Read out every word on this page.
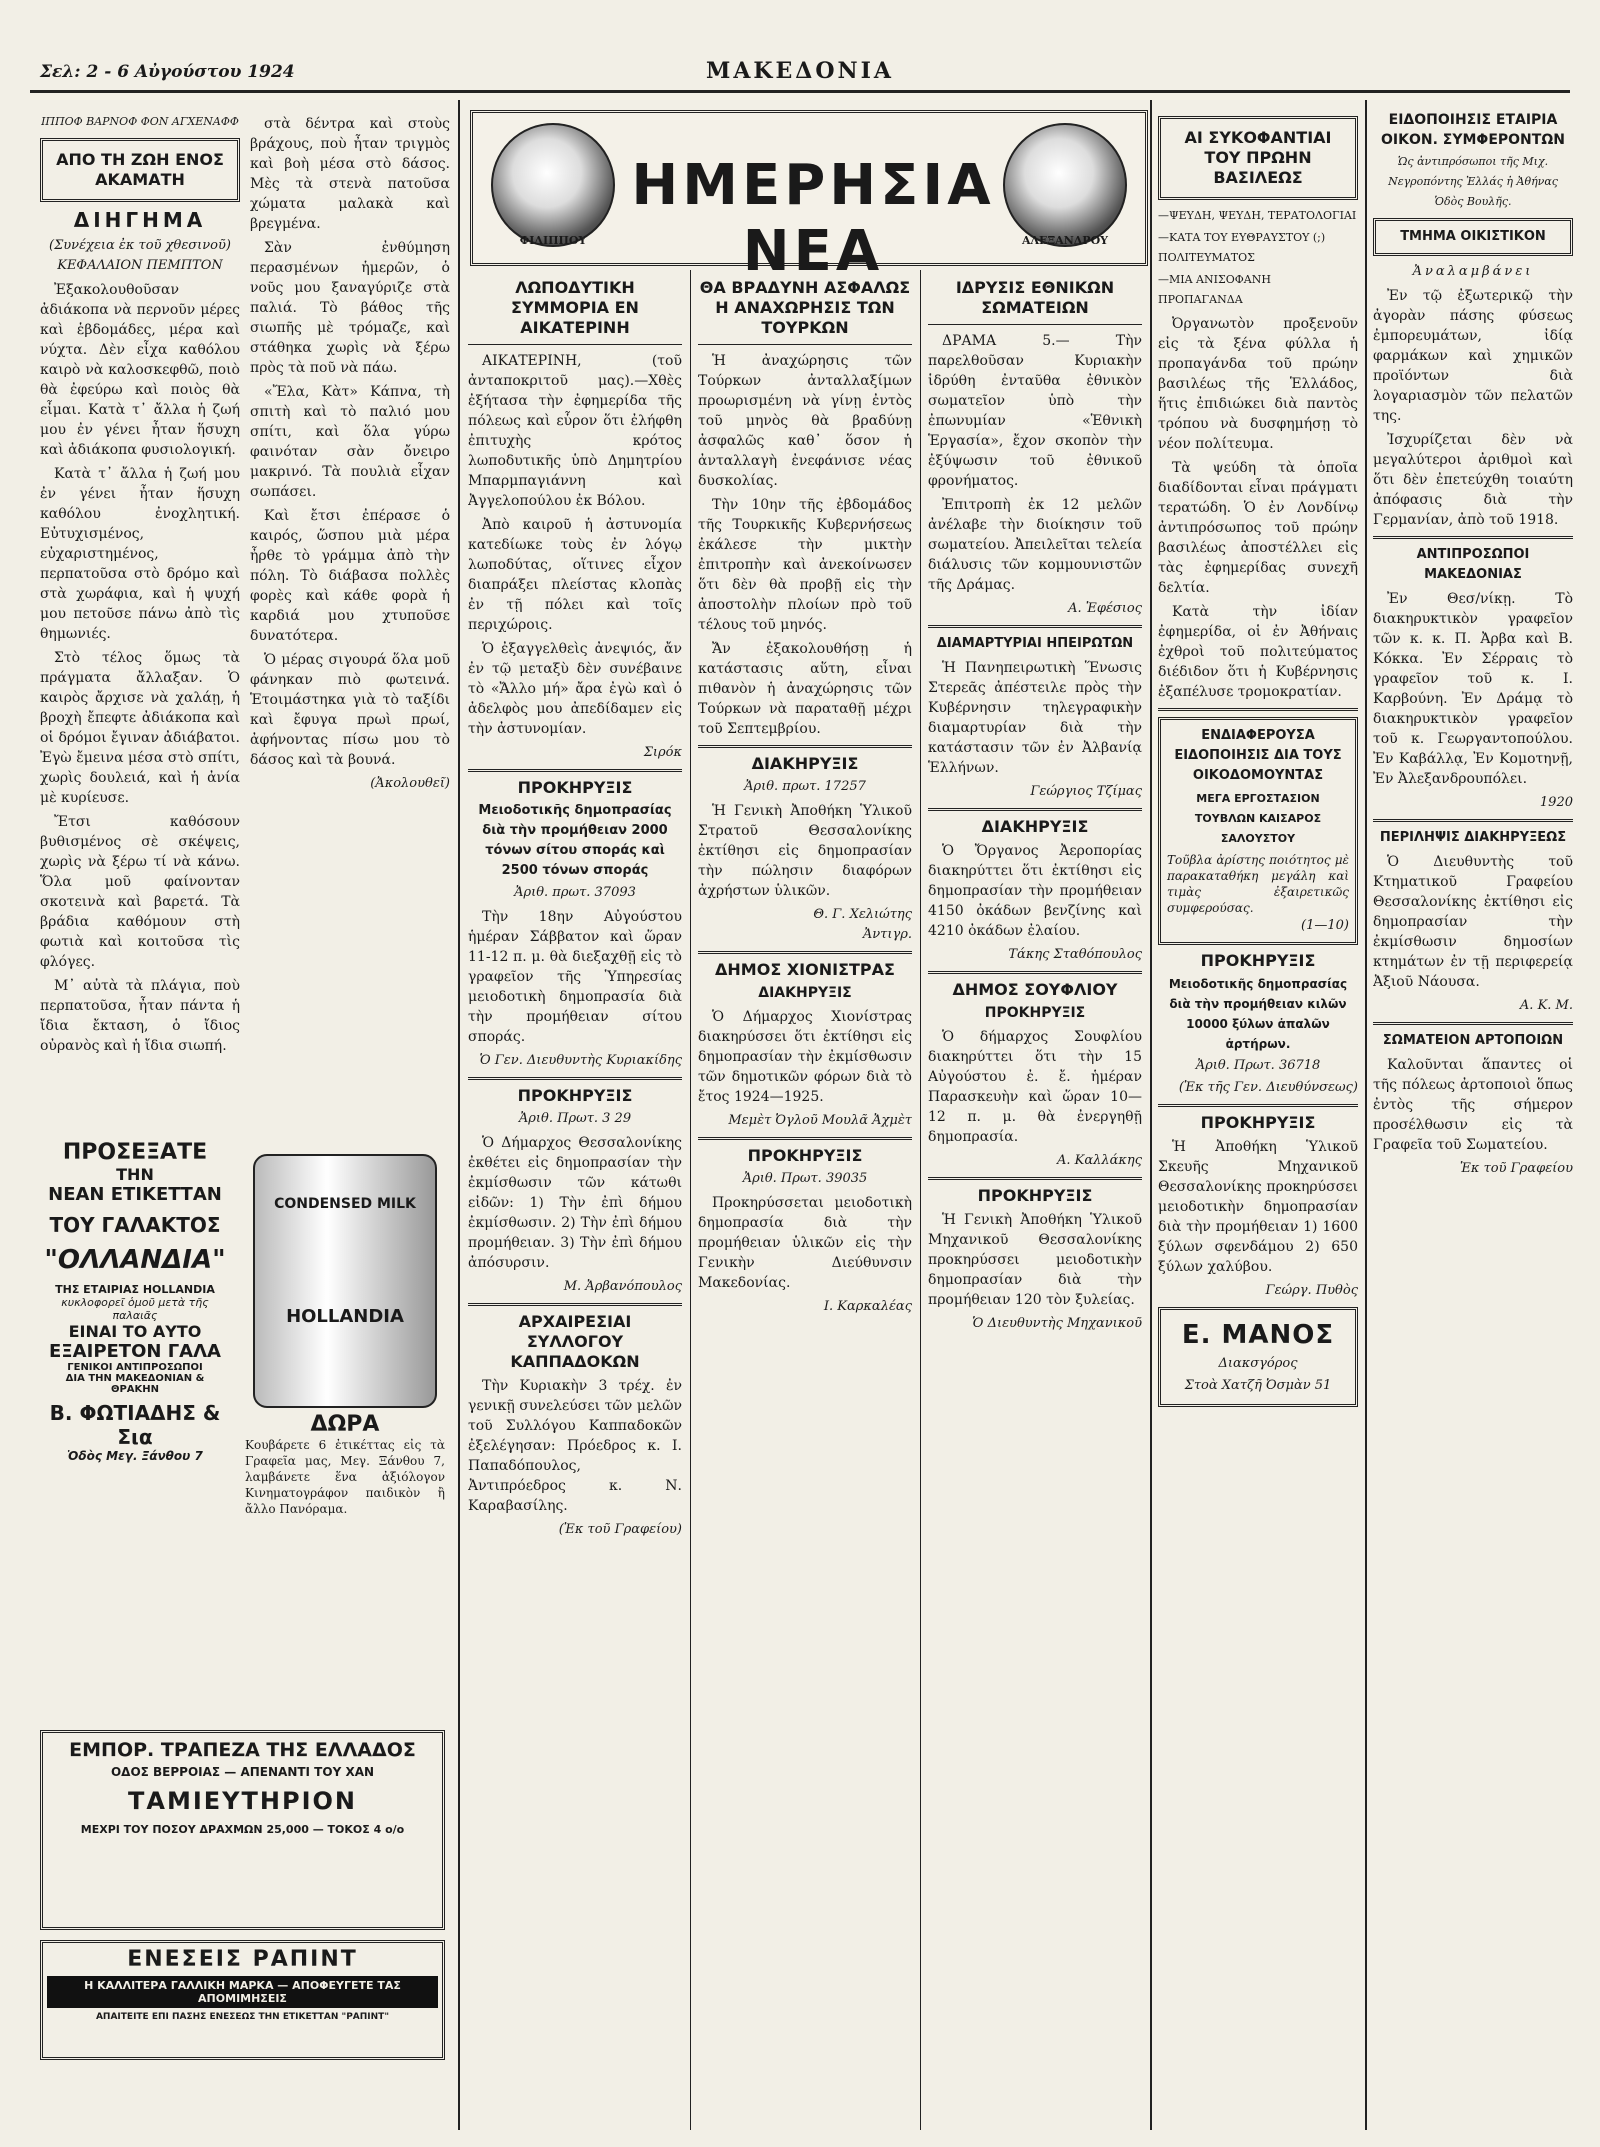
Σελ: 2 - 6 Αὐγούστου 1924	ΜΑΚΕΔΟΝΙΑ
ΦΙΛΙΠΠΟΥ
ΗΜΕΡΗΣΙΑ ΝΕΑ	ΑΛΕΞΑΝΔΡΟΥ
ΙΠΠΟΦ ΒΑΡΝΟΦ ΦΟΝ ΑΓΧΕΝΑΦΦ
ΑΠΟ ΤΗ ΖΩΗ ΕΝΟΣ ΑΚΑΜΑΤΗ
ΔΙΗΓΗΜΑ
(Συνέχεια ἐκ τοῦ χθεσινοῦ) ΚΕΦΑΛΑΙΟΝ ΠΕΜΠΤΟΝ

Ἐξακολουθοῦσαν ἀδιάκοπα νὰ περνοῦν μέρες καὶ ἑβδομάδες, μέρα καὶ νύχτα. Δὲν εἶχα καθόλου καιρὸ νὰ καλοσκεφθῶ, ποιὸ θὰ ἐφεύρω καὶ ποιὸς θὰ εἶμαι. Κατὰ τ᾽ ἄλλα ἡ ζωή μου ἐν γένει ἦταν ἥσυχη καὶ ἀδιάκοπα φυσιολογική.

Κατὰ τ᾽ ἄλλα ἡ ζωή μου ἐν γένει ἦταν ἥσυχη καθόλου ἐνοχλητική. Εὐτυχισμένος, εὐχαριστημένος, περπατοῦσα στὸ δρόμο καὶ στὰ χωράφια, καὶ ἡ ψυχή μου πετοῦσε πάνω ἀπὸ τὶς θημωνιές.

Στὸ τέλος ὅμως τὰ πράγματα ἄλλαξαν. Ὁ καιρὸς ἄρχισε νὰ χαλάῃ, ἡ βροχὴ ἔπεφτε ἀδιάκοπα καὶ οἱ δρόμοι ἔγιναν ἀδιάβατοι. Ἐγὼ ἔμεινα μέσα στὸ σπίτι, χωρὶς δουλειά, καὶ ἡ ἀνία μὲ κυρίευσε.

Ἔτσι καθόσουν βυθισμένος σὲ σκέψεις, χωρὶς νὰ ξέρω τί νὰ κάνω. Ὅλα μοῦ φαίνονταν σκοτεινὰ καὶ βαρετά. Τὰ βράδια καθόμουν στὴ φωτιὰ καὶ κοιτοῦσα τὶς φλόγες.

Μ᾽ αὐτὰ τὰ πλάγια, ποὺ περπατοῦσα, ἦταν πάντα ἡ ἴδια ἔκταση, ὁ ἴδιος οὐρανὸς καὶ ἡ ἴδια σιωπή.

στὰ δέντρα καὶ στοὺς βράχους, ποὺ ἦταν τριγμὸς καὶ βοὴ μέσα στὸ δάσος. Μὲς τὰ στενὰ πατοῦσα χώματα μαλακὰ καὶ βρεγμένα.

Σὰν ἐνθύμηση περασμένων ἡμερῶν, ὁ νοῦς μου ξαναγύριζε στὰ παλιά. Τὸ βάθος τῆς σιωπῆς μὲ τρόμαζε, καὶ στάθηκα χωρὶς νὰ ξέρω πρὸς τὰ ποῦ νὰ πάω.

«Ἔλα, Κὰτ» Κάπνα, τὴ σπιτὴ καὶ τὸ παλιό μου σπίτι, καὶ ὅλα γύρω φαινόταν σὰν ὄνειρο μακρινό. Τὰ πουλιὰ εἶχαν σωπάσει.

Καὶ ἔτσι ἐπέρασε ὁ καιρός, ὥσπου μιὰ μέρα ἦρθε τὸ γράμμα ἀπὸ τὴν πόλη. Τὸ διάβασα πολλὲς φορὲς καὶ κάθε φορὰ ἡ καρδιά μου χτυποῦσε δυνατότερα.

Ὁ μέρας σιγουρά ὅλα μοῦ φάνηκαν πιὸ φωτεινά. Ἑτοιμάστηκα γιὰ τὸ ταξίδι καὶ ἔφυγα πρωὶ πρωί, ἀφήνοντας πίσω μου τὸ δάσος καὶ τὰ βουνά.

(Ἀκολουθεῖ)
ΠΡΟΣΕΞΑΤΕ
ΤΗΝ
ΝΕΑΝ ΕΤΙΚΕΤΤΑΝ
ΤΟΥ ΓΑΛΑΚΤΟΣ
"ΟΛΛΑΝΔΙΑ"
ΤΗΣ ΕΤΑΙΡΙΑΣ HOLLANDIA
κυκλοφορεῖ ὁμοῦ μετὰ τῆς παλαιᾶς
ΕΙΝΑΙ ΤΟ ΑΥΤΟ
ΕΞΑΙΡΕΤΟΝ ΓΑΛΑ
ΓΕΝΙΚΟΙ ΑΝΤΙΠΡΟΣΩΠΟΙ
ΔΙΑ ΤΗΝ ΜΑΚΕΔΟΝΙΑΝ & ΘΡΑΚΗΝ
Β. ΦΩΤΙΑΔΗΣ & Σια
Ὁδὸς Μεγ. Ξάνθου 7
CONDENSED MILK
HOLLANDIA
ΔΩΡΑ
Κουβάρετε 6 ἐτικέττας εἰς τὰ Γραφεῖα μας, Μεγ. Ξάνθου 7, λαμβάνετε ἕνα ἀξιόλογον Κινηματογράφον παιδικὸν ἢ ἄλλο Πανόραμα.
ΕΜΠΟΡ. ΤΡΑΠΕΖΑ ΤΗΣ ΕΛΛΑΔΟΣ
ΟΔΟΣ ΒΕΡΡΟΙΑΣ — ΑΠΕΝΑΝΤΙ ΤΟΥ ΧΑΝ
ΤΑΜΙΕΥΤΗΡΙΟΝ
ΜΕΧΡΙ ΤΟΥ ΠΟΣΟΥ ΔΡΑΧΜΩΝ 25,000 — ΤΟΚΟΣ 4 ο/ο
ΕΝΕΣΕΙΣ ΡΑΠΙΝΤ
Η ΚΑΛΛΙΤΕΡΑ ΓΑΛΛΙΚΗ ΜΑΡΚΑ — ΑΠΟΦΕΥΓΕΤΕ ΤΑΣ ΑΠΟΜΙΜΗΣΕΙΣ
ΑΠΑΙΤΕΙΤΕ ΕΠΙ ΠΑΣΗΣ ΕΝΕΣΕΩΣ ΤΗΝ ΕΤΙΚΕΤΤΑΝ "ΡΑΠΙΝΤ"
ΛΩΠΟΔΥΤΙΚΗ ΣΥΜΜΟΡΙΑ ΕΝ ΑΙΚΑΤΕΡΙΝΗ

ΑΙΚΑΤΕΡΙΝΗ, (τοῦ ἀνταποκριτοῦ μας).—Χθὲς ἐξήτασα τὴν ἐφημερίδα τῆς πόλεως καὶ εὗρον ὅτι ἐλήφθη ἐπιτυχὴς κρότος λωποδυτικῆς ὑπὸ Δημητρίου Μπαρμπαγιάννη καὶ Ἀγγελοπούλου ἐκ Βόλου.

Ἀπὸ καιροῦ ἡ ἀστυνομία κατεδίωκε τοὺς ἐν λόγῳ λωποδύτας, οἵτινες εἶχον διαπράξει πλείστας κλοπὰς ἐν τῇ πόλει καὶ τοῖς περιχώροις.

Ὁ ἐξαγγελθεὶς ἀνεψιός, ἄν ἐν τῷ μεταξὺ δὲν συνέβαινε τὸ «Ἄλλο μή» ἄρα ἐγὼ καὶ ὁ ἀδελφὸς μου ἀπεδίδαμεν εἰς τὴν ἀστυνομίαν.

Σιρόκ
ΠΡΟΚΗΡΥΞΙΣ
Μειοδοτικῆς δημοπρασίας διὰ τὴν προμήθειαν 2000 τόνων σίτου σποράς καὶ 2500 τόνων σποράς
Ἀριθ. πρωτ. 37093

Τὴν 18ην Αὐγούστου ἡμέραν Σάββατον καὶ ὥραν 11-12 π. μ. θὰ διεξαχθῇ εἰς τὸ γραφεῖον τῆς Ὑπηρεσίας μειοδοτικὴ δημοπρασία διὰ τὴν προμήθειαν σίτου σποράς.

Ὁ Γεν. Διευθυντὴς Κυριακίδης
ΠΡΟΚΗΡΥΞΙΣ
Ἀριθ. Πρωτ. 3 29

Ὁ Δήμαρχος Θεσσαλονίκης ἐκθέτει εἰς δημοπρασίαν τὴν ἐκμίσθωσιν τῶν κάτωθι εἰδῶν: 1) Τὴν ἐπὶ δήμου ἐκμίσθωσιν. 2) Τὴν ἐπὶ δήμου προμήθειαν. 3) Τὴν ἐπὶ δήμου ἀπόσυρσιν.

Μ. Ἀρβανόπουλος
ΑΡΧΑΙΡΕΣΙΑΙ ΣΥΛΛΟΓΟΥ ΚΑΠΠΑΔΟΚΩΝ

Τὴν Κυριακὴν 3 τρέχ. ἐν γενικῇ συνελεύσει τῶν μελῶν τοῦ Συλλόγου Καππαδοκῶν ἐξελέγησαν: Πρόεδρος κ. Ι. Παπαδόπουλος, Ἀντιπρόεδρος κ. Ν. Καραβασίλης.

(Ἐκ τοῦ Γραφείου)
ΘΑ ΒΡΑΔΥΝΗ ΑΣΦΑΛΩΣ Η ΑΝΑΧΩΡΗΣΙΣ ΤΩΝ ΤΟΥΡΚΩΝ

Ἡ ἀναχώρησις τῶν Τούρκων ἀνταλλαξίμων προωρισμένη νὰ γίνῃ ἐντὸς τοῦ μηνὸς θὰ βραδύνῃ ἀσφαλῶς καθ᾽ ὅσον ἡ ἀνταλλαγὴ ἐνεφάνισε νέας δυσκολίας.

Τὴν 10ην τῆς ἐβδομάδος τῆς Τουρκικῆς Κυβερνήσεως ἐκάλεσε τὴν μικτὴν ἐπιτροπὴν καὶ ἀνεκοίνωσεν ὅτι δὲν θὰ προβῇ εἰς τὴν ἀποστολὴν πλοίων πρὸ τοῦ τέλους τοῦ μηνός.

Ἄν ἐξακολουθήσῃ ἡ κατάστασις αὕτη, εἶναι πιθανὸν ἡ ἀναχώρησις τῶν Τούρκων νὰ παραταθῇ μέχρι τοῦ Σεπτεμβρίου.

ΔΙΑΚΗΡΥΞΙΣ
Ἀριθ. πρωτ. 17257

Ἡ Γενικὴ Ἀποθήκη Ὑλικοῦ Στρατοῦ Θεσσαλονίκης ἐκτίθησι εἰς δημοπρασίαν τὴν πώλησιν διαφόρων ἀχρήστων ὑλικῶν.

Θ. Γ. Χελιώτης
Ἀντιγρ.
ΔΗΜΟΣ ΧΙΟΝΙΣΤΡΑΣ
ΔΙΑΚΗΡΥΞΙΣ

Ὁ Δήμαρχος Χιονίστρας διακηρύσσει ὅτι ἐκτίθησι εἰς δημοπρασίαν τὴν ἐκμίσθωσιν τῶν δημοτικῶν φόρων διὰ τὸ ἔτος 1924—1925.

Μεμὲτ Ὀγλοῦ Μουλᾶ Ἀχμὲτ
ΠΡΟΚΗΡΥΞΙΣ
Ἀριθ. Πρωτ. 39035

Προκηρύσσεται μειοδοτικὴ δημοπρασία διὰ τὴν προμήθειαν ὑλικῶν εἰς τὴν Γενικὴν Διεύθυνσιν Μακεδονίας.

Ι. Καρκαλέας
ΙΔΡΥΣΙΣ ΕΘΝΙΚΩΝ ΣΩΜΑΤΕΙΩΝ

ΔΡΑΜΑ 5.— Τὴν παρελθοῦσαν Κυριακὴν ἱδρύθη ἐνταῦθα ἐθνικὸν σωματεῖον ὑπὸ τὴν ἐπωνυμίαν «Ἑθνικὴ Ἑργασία», ἔχον σκοπὸν τὴν ἐξύψωσιν τοῦ ἐθνικοῦ φρονήματος.

Ἐπιτροπὴ ἐκ 12 μελῶν ἀνέλαβε τὴν διοίκησιν τοῦ σωματείου. Ἀπειλεῖται τελεία διάλυσις τῶν κομμουνιστῶν τῆς Δράμας.

Α. Ἐφέσιος
ΔΙΑΜΑΡΤΥΡΙΑΙ ΗΠΕΙΡΩΤΩΝ

Ἡ Πανηπειρωτικὴ Ἕνωσις Στερεᾶς ἀπέστειλε πρὸς τὴν Κυβέρνησιν τηλεγραφικὴν διαμαρτυρίαν διὰ τὴν κατάστασιν τῶν ἐν Ἀλβανίᾳ Ἑλλήνων.

Γεώργιος Τζίμας
ΔΙΑΚΗΡΥΞΙΣ

Ὁ Ὄργανος Ἀεροπορίας διακηρύττει ὅτι ἐκτίθησι εἰς δημοπρασίαν τὴν προμήθειαν 4150 ὀκάδων βενζίνης καὶ 4210 ὀκάδων ἐλαίου.

Τάκης Σταθόπουλος
ΔΗΜΟΣ ΣΟΥΦΛΙΟΥ
ΠΡΟΚΗΡΥΞΙΣ

Ὁ δήμαρχος Σουφλίου διακηρύττει ὅτι τὴν 15 Αὐγούστου ἐ. ἔ. ἡμέραν Παρασκευὴν καὶ ὥραν 10—12 π. μ. θὰ ἐνεργηθῇ δημοπρασία.

Α. Καλλάκης
ΠΡΟΚΗΡΥΞΙΣ

Ἡ Γενικὴ Ἀποθήκη Ὑλικοῦ Μηχανικοῦ Θεσσαλονίκης προκηρύσσει μειοδοτικὴν δημοπρασίαν διὰ τὴν προμήθειαν 120 τὸν ξυλείας.

Ὁ Διευθυντὴς Μηχανικοῦ
ΑΙ ΣΥΚΟΦΑΝΤΙΑΙ ΤΟΥ ΠΡΩΗΝ ΒΑΣΙΛΕΩΣ
—ΨΕΥΔΗ, ΨΕΥΔΗ, ΤΕΡΑΤΟΛΟΓΙΑΙ
—ΚΑΤΑ ΤΟΥ ΕΥΘΡΑΥΣΤΟΥ (;) ΠΟΛΙΤΕΥΜΑΤΟΣ
—ΜΙΑ ΑΝΙΣΟΦΑΝΗ ΠΡΟΠΑΓΑΝΔΑ

Ὀργανωτὸν προξενοῦν εἰς τὰ ξένα φύλλα ἡ προπαγάνδα τοῦ πρώην βασιλέως τῆς Ἑλλάδος, ἥτις ἐπιδιώκει διὰ παντὸς τρόπου νὰ δυσφημήσῃ τὸ νέον πολίτευμα.

Τὰ ψεύδη τὰ ὁποῖα διαδίδονται εἶναι πράγματι τερατώδη. Ὁ ἐν Λονδίνῳ ἀντιπρόσωπος τοῦ πρώην βασιλέως ἀποστέλλει εἰς τὰς ἐφημερίδας συνεχῆ δελτία.

Κατὰ τὴν ἰδίαν ἐφημερίδα, οἱ ἐν Ἀθήναις ἐχθροὶ τοῦ πολιτεύματος διέδιδον ὅτι ἡ Κυβέρνησις ἐξαπέλυσε τρομοκρατίαν.

ΕΝΔΙΑΦΕΡΟΥΣΑ ΕΙΔΟΠΟΙΗΣΙΣ ΔΙΑ ΤΟΥΣ ΟΙΚΟΔΟΜΟΥΝΤΑΣ
ΜΕΓΑ ΕΡΓΟΣΤΑΣΙΟΝ ΤΟΥΒΛΩΝ ΚΑΙΣΑΡΟΣ ΣΑΛΟΥΣΤΟΥ
Τοῦβλα ἀρίστης ποιότητος μὲ παρακαταθήκη μεγάλη καὶ τιμὰς ἐξαιρετικῶς συμφερούσας.
(1—10)
ΠΡΟΚΗΡΥΞΙΣ
Μειοδοτικῆς δημοπρασίας διὰ τὴν προμήθειαν κιλῶν 10000 ξύλων ἀπαλῶν ἀρτήρων.
Ἀριθ. Πρωτ. 36718
(Ἐκ τῆς Γεν. Διευθύνσεως)
ΠΡΟΚΗΡΥΞΙΣ

Ἡ Ἀποθήκη Ὑλικοῦ Σκευῆς Μηχανικοῦ Θεσσαλονίκης προκηρύσσει μειοδοτικὴν δημοπρασίαν διὰ τὴν προμήθειαν 1) 1600 ξύλων σφενδάμου 2) 650 ξύλων χαλύβου.

Γεώργ. Πυθὸς
Ε. ΜΑΝΟΣ
Διακσγόρος
Στοὰ Χατζῆ Ὀσμὰν 51
ΕΙΔΟΠΟΙΗΣΙΣ ΕΤΑΙΡΙΑ ΟΙΚΟΝ. ΣΥΜΦΕΡΟΝΤΩΝ
Ὡς ἀντιπρόσωποι τῆς Μιχ. Νεγροπόντης Ἑλλάς ἡ Ἀθήνας Ὁδὸς Βουλῆς.
ΤΜΗΜΑ ΟΙΚΙΣΤΙΚΟΝ
Ἀναλαμβάνει

Ἐν τῷ ἐξωτερικῷ τὴν ἀγορὰν πάσης φύσεως ἐμπορευμάτων, ἰδίᾳ φαρμάκων καὶ χημικῶν προϊόντων διὰ λογαριασμὸν τῶν πελατῶν της.

Ἰσχυρίζεται δὲν νὰ μεγαλύτεροι ἀριθμοὶ καὶ ὅτι δὲν ἐπετεύχθη τοιαύτη ἀπόφασις διὰ τὴν Γερμανίαν, ἀπὸ τοῦ 1918.

ΑΝΤΙΠΡΟΣΩΠΟΙ ΜΑΚΕΔΟΝΙΑΣ

Ἐν Θεσ/νίκῃ. Τὸ διακηρυκτικὸν γραφεῖον τῶν κ. κ. Π. Ἀρβα καὶ Β. Κόκκα. Ἐν Σέρραις τὸ γραφεῖον τοῦ κ. Ι. Καρβούνη. Ἐν Δράμᾳ τὸ διακηρυκτικὸν γραφεῖον τοῦ κ. Γεωργαντοπούλου. Ἐν Καβάλλᾳ, Ἐν Κομοτηνῇ, Ἐν Ἀλεξανδρουπόλει.

1920
ΠΕΡΙΛΗΨΙΣ ΔΙΑΚΗΡΥΞΕΩΣ

Ὁ Διευθυντὴς τοῦ Κτηματικοῦ Γραφείου Θεσσαλονίκης ἐκτίθησι εἰς δημοπρασίαν τὴν ἐκμίσθωσιν δημοσίων κτημάτων ἐν τῇ περιφερείᾳ Ἀξιοῦ Νάουσα.

Α. Κ. Μ.
ΣΩΜΑΤΕΙΟΝ ΑΡΤΟΠΟΙΩΝ

Καλοῦνται ἅπαντες οἱ τῆς πόλεως ἀρτοποιοὶ ὅπως ἐντὸς τῆς σήμερον προσέλθωσιν εἰς τὰ Γραφεῖα τοῦ Σωματείου.

Ἐκ τοῦ Γραφείου
